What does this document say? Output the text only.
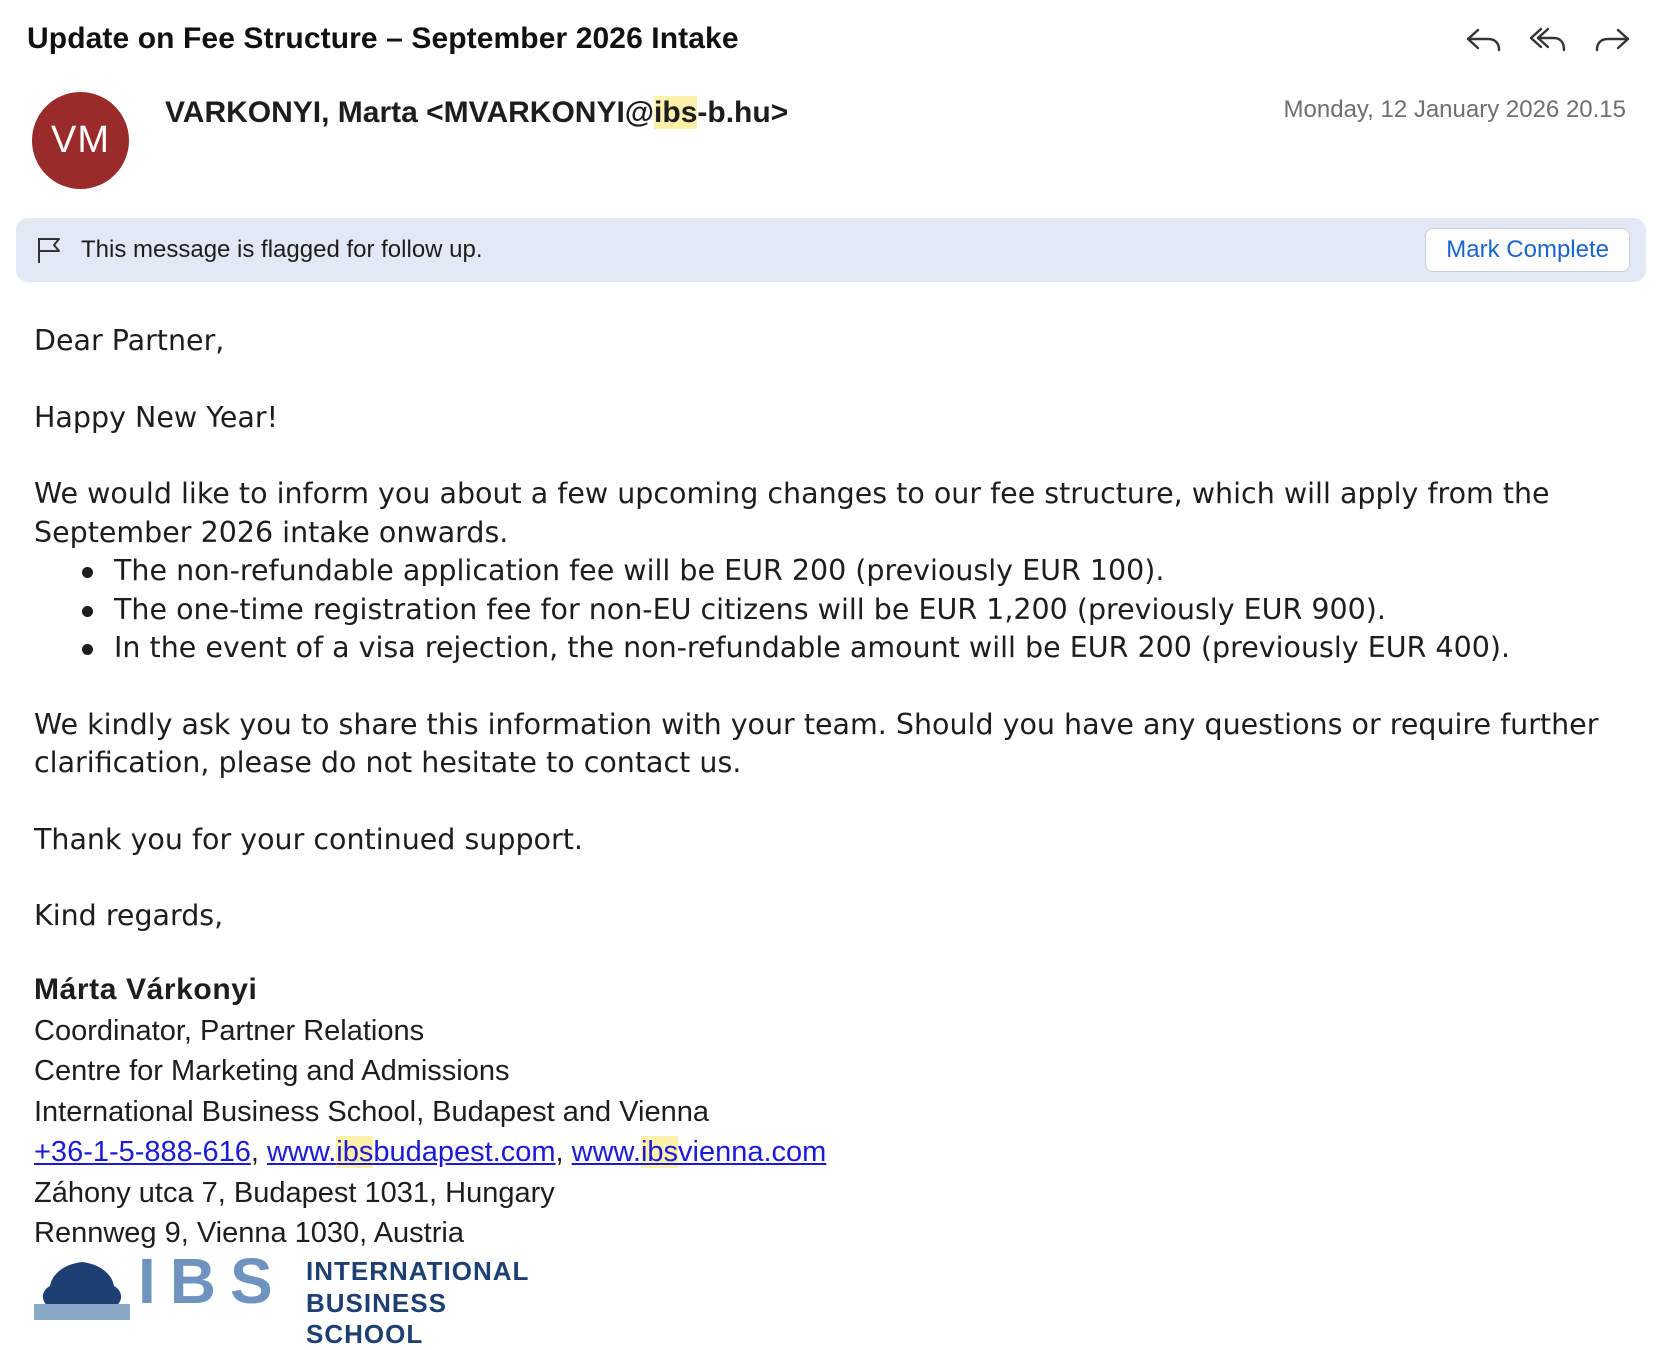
Update on Fee Structure – September 2026 Intake
VM
VARKONYI, Marta <MVARKONYI@ibs-b.hu>	Monday, 12 January 2026 20.15
This message is flagged for follow up.	Mark Complete

Dear Partner,

Happy New Year!

We would like to inform you about a few upcoming changes to our fee structure, which will apply from the September 2026 intake onwards.

The non-refundable application fee will be EUR 200 (previously EUR 100).
The one-time registration fee for non-EU citizens will be EUR 1,200 (previously EUR 900).
In the event of a visa rejection, the non-refundable amount will be EUR 200 (previously EUR 400).

We kindly ask you to share this information with your team. Should you have any questions or require further clarification, please do not hesitate to contact us.

Thank you for your continued support.

Kind regards,

Márta Várkonyi
Coordinator, Partner Relations
Centre for Marketing and Admissions
International Business School, Budapest and Vienna
+36-1-5-888-616, www.ibsbudapest.com, www.ibsvienna.com
Záhony utca 7, Budapest 1031, Hungary
Rennweg 9, Vienna 1030, Austria
IBS INTERNATIONAL
BUSINESS SCHOOL
